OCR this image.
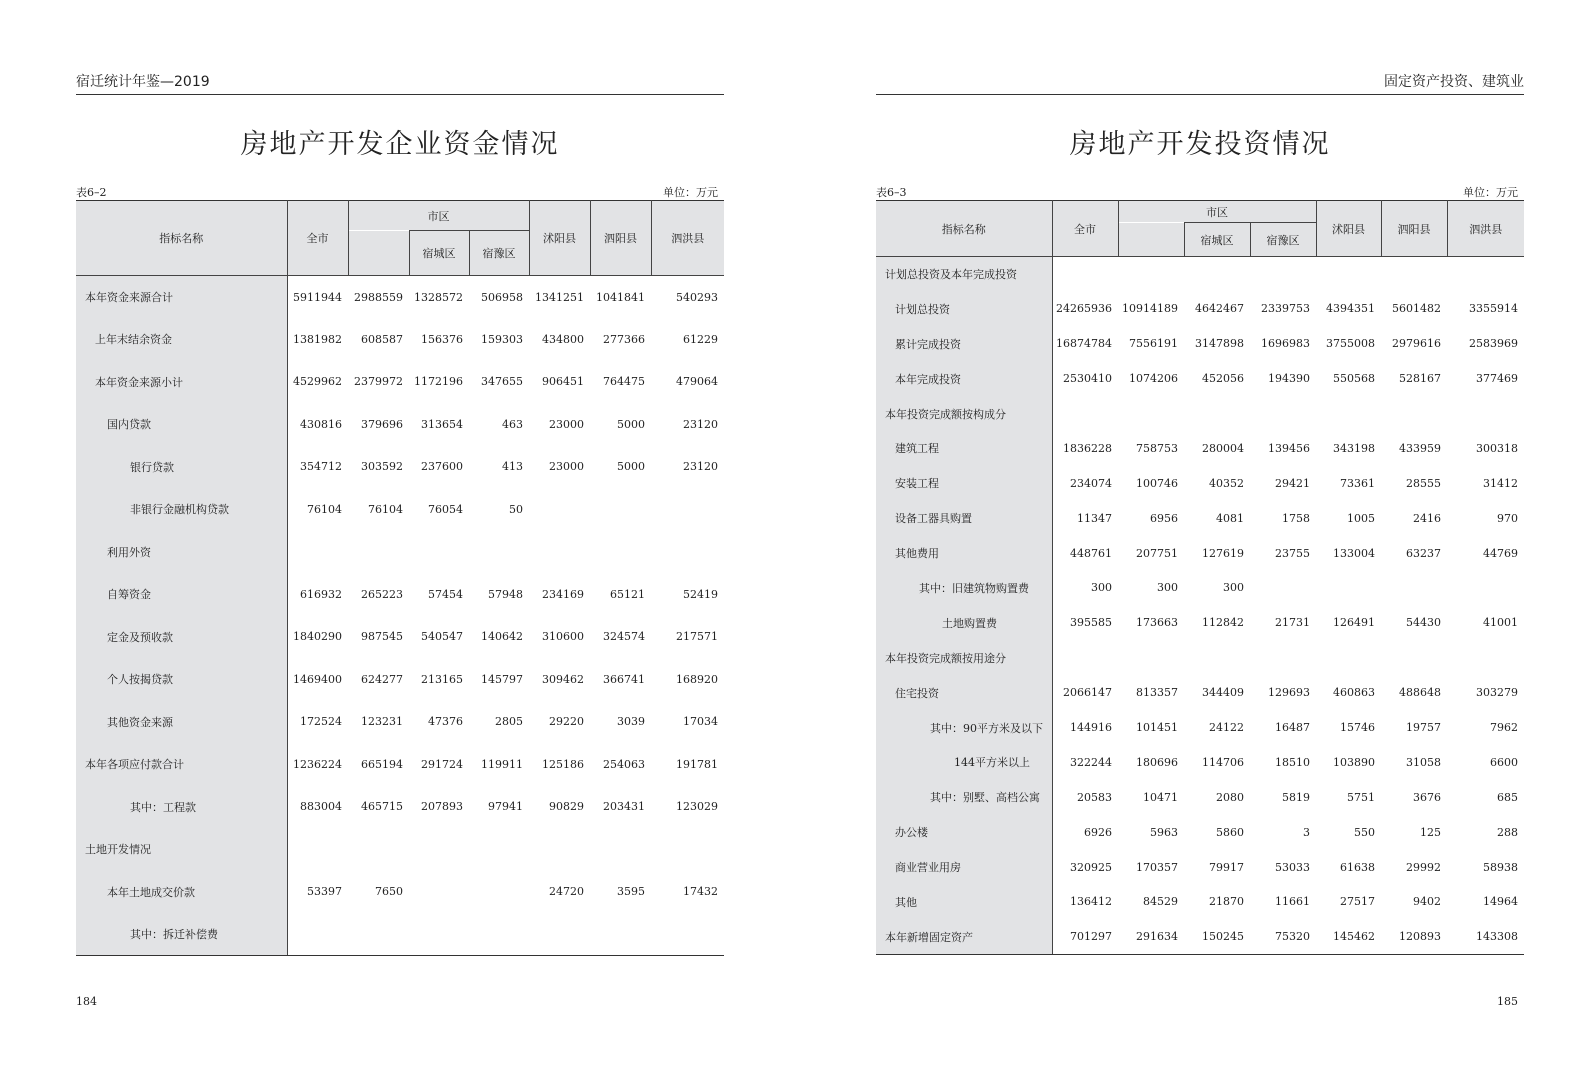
宿迁统计年鉴—2019
房地产开发企业资金情况
表6–2	单位：万元
指标名称	全市	市区			沭阳县	泗阳县	泗洪县
			宿城区	宿豫区			
本年资金来源合计	5911944	2988559	1328572	506958	1341251	1041841	540293
上年末结余资金	1381982	608587	156376	159303	434800	277366	61229
本年资金来源小计	4529962	2379972	1172196	347655	906451	764475	479064
国内贷款	430816	379696	313654	463	23000	5000	23120
银行贷款	354712	303592	237600	413	23000	5000	23120
非银行金融机构贷款	76104	76104	76054	50			
利用外资							
自筹资金	616932	265223	57454	57948	234169	65121	52419
定金及预收款	1840290	987545	540547	140642	310600	324574	217571
个人按揭贷款	1469400	624277	213165	145797	309462	366741	168920
其他资金来源	172524	123231	47376	2805	29220	3039	17034
本年各项应付款合计	1236224	665194	291724	119911	125186	254063	191781
其中：工程款	883004	465715	207893	97941	90829	203431	123029
土地开发情况							
本年土地成交价款	53397	7650			24720	3595	17432
其中：拆迁补偿费							
184
固定资产投资、建筑业
房地产开发投资情况
表6–3	单位：万元
指标名称	全市	市区			沭阳县	泗阳县	泗洪县
			宿城区	宿豫区			
计划总投资及本年完成投资							
计划总投资	24265936	10914189	4642467	2339753	4394351	5601482	3355914
累计完成投资	16874784	7556191	3147898	1696983	3755008	2979616	2583969
本年完成投资	2530410	1074206	452056	194390	550568	528167	377469
本年投资完成额按构成分							
建筑工程	1836228	758753	280004	139456	343198	433959	300318
安装工程	234074	100746	40352	29421	73361	28555	31412
设备工器具购置	11347	6956	4081	1758	1005	2416	970
其他费用	448761	207751	127619	23755	133004	63237	44769
其中：旧建筑物购置费	300	300	300				
土地购置费	395585	173663	112842	21731	126491	54430	41001
本年投资完成额按用途分							
住宅投资	2066147	813357	344409	129693	460863	488648	303279
其中：90平方米及以下	144916	101451	24122	16487	15746	19757	7962
144平方米以上	322244	180696	114706	18510	103890	31058	6600
其中：别墅、高档公寓	20583	10471	2080	5819	5751	3676	685
办公楼	6926	5963	5860	3	550	125	288
商业营业用房	320925	170357	79917	53033	61638	29992	58938
其他	136412	84529	21870	11661	27517	9402	14964
本年新增固定资产	701297	291634	150245	75320	145462	120893	143308
185
